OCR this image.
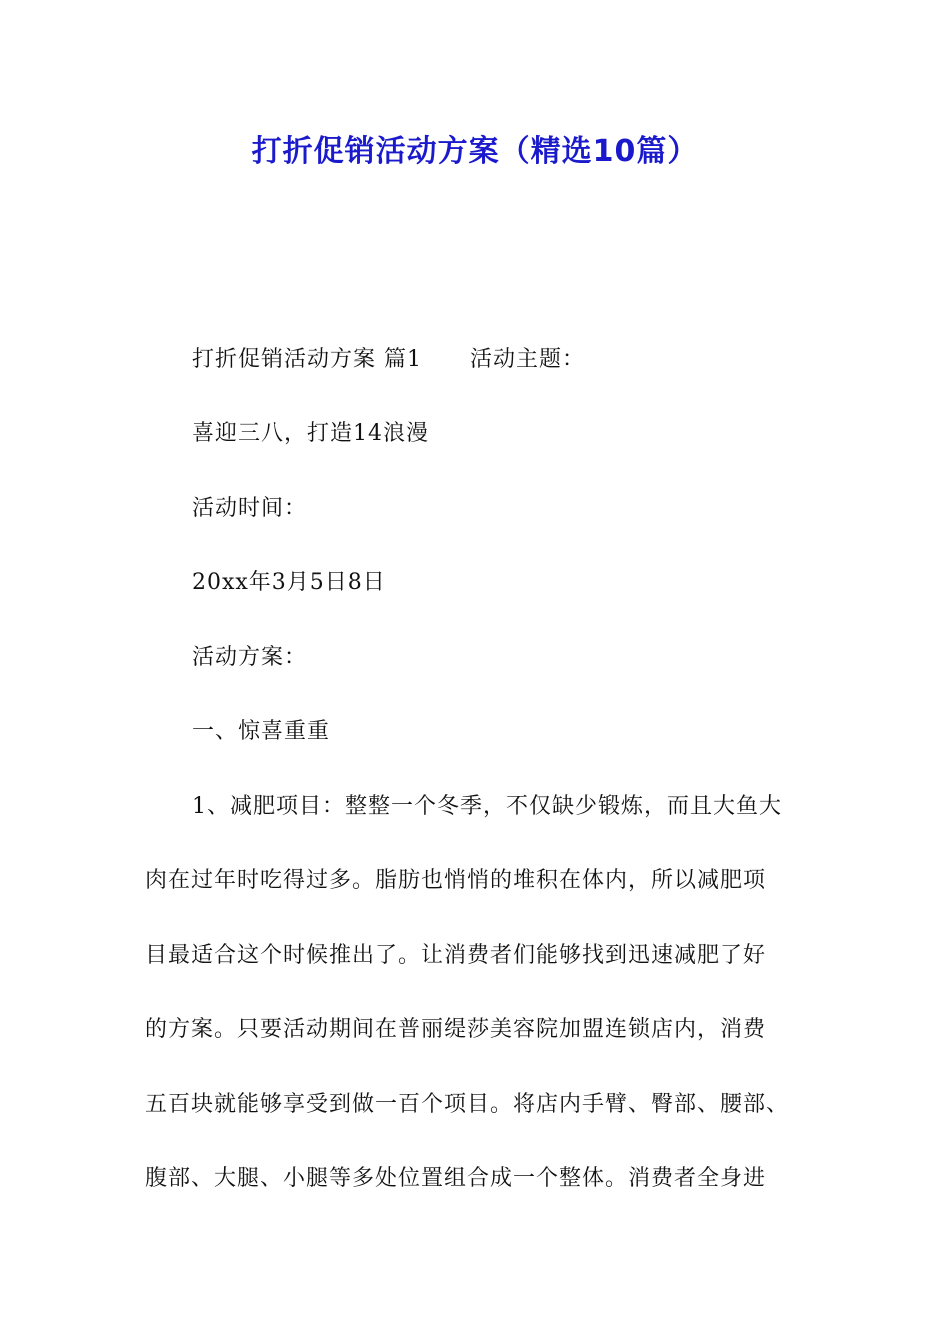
打折促销活动方案（精选10篇）
打折促销活动方案 篇1 活动主题：
喜迎三八，打造14浪漫
活动时间：
20xx年3月5日8日
活动方案：
一、惊喜重重
1、减肥项目：整整一个冬季，不仅缺少锻炼，而且大鱼大
肉在过年时吃得过多。脂肪也悄悄的堆积在体内，所以减肥项
目最适合这个时候推出了。让消费者们能够找到迅速减肥了好
的方案。只要活动期间在普丽缇莎美容院加盟连锁店内，消费
五百块就能够享受到做一百个项目。将店内手臂、臀部、腰部、
腹部、大腿、小腿等多处位置组合成一个整体。消费者全身进
